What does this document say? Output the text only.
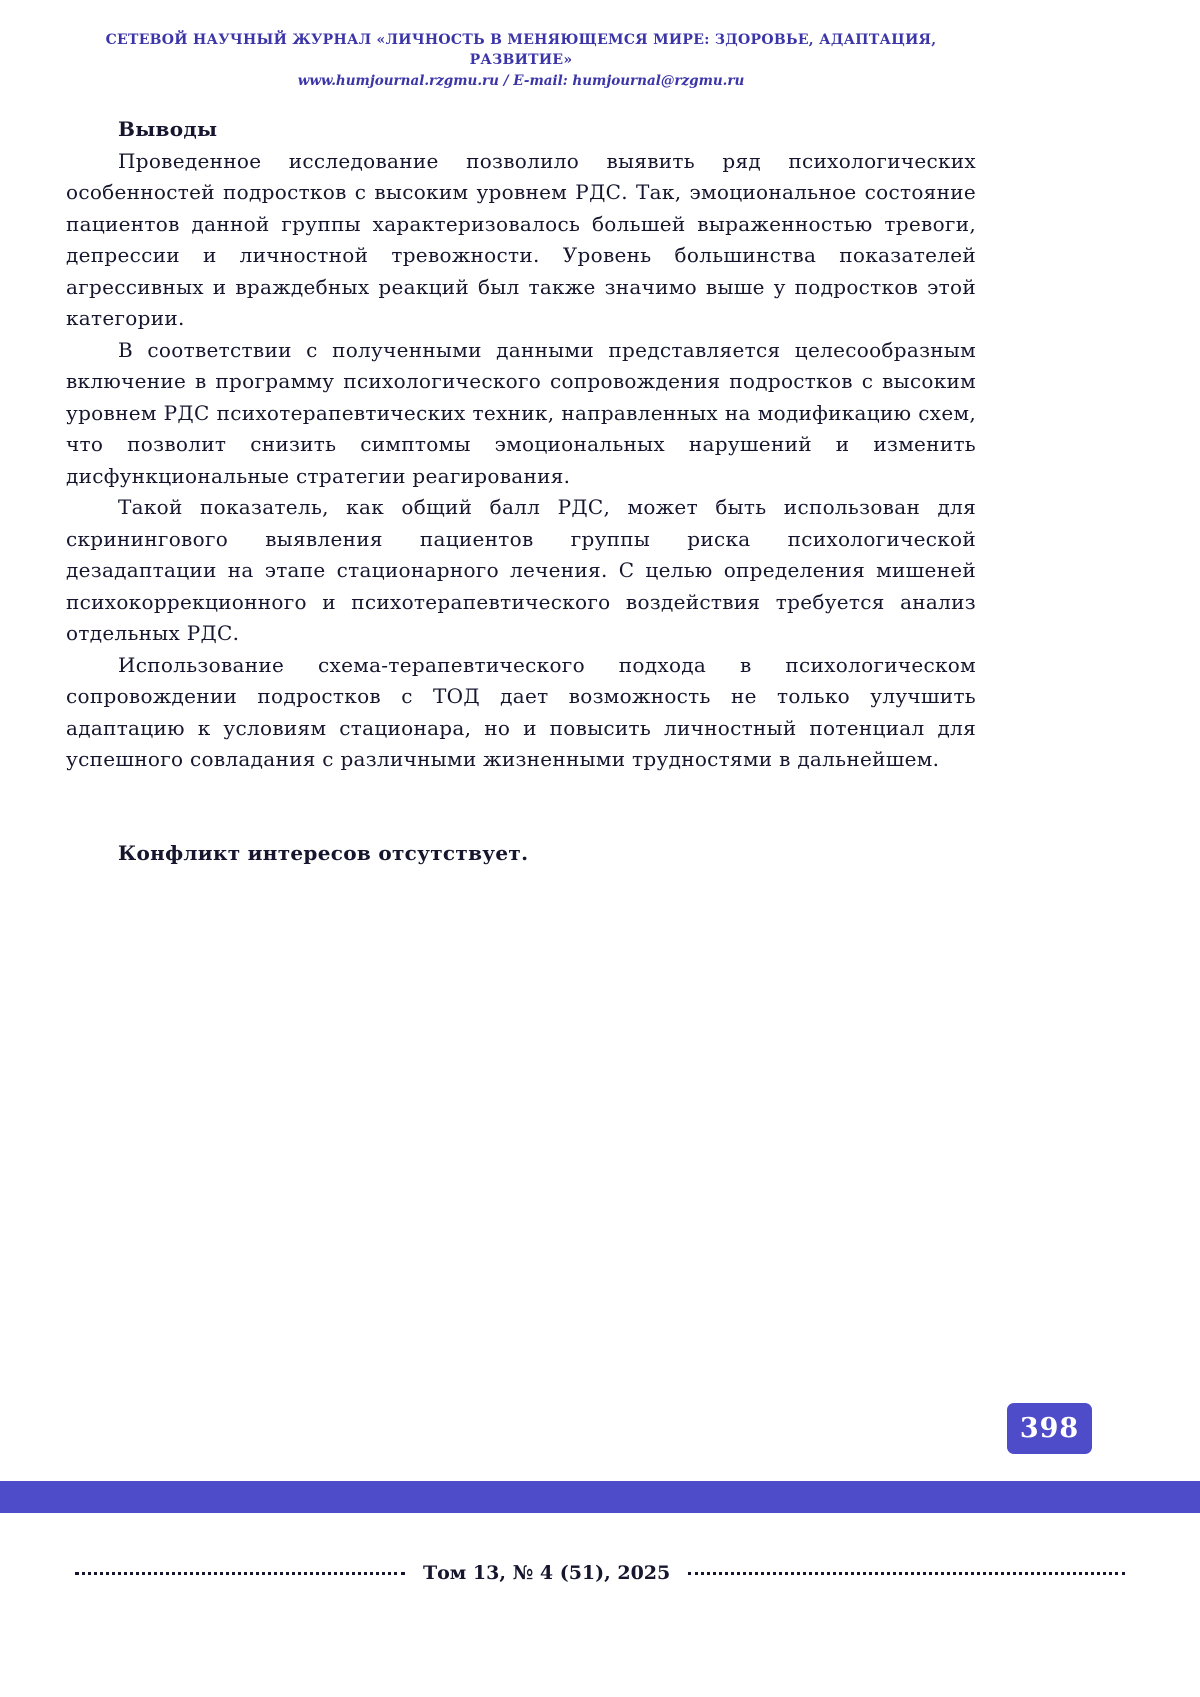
СЕТЕВОЙ НАУЧНЫЙ ЖУРНАЛ «ЛИЧНОСТЬ В МЕНЯЮЩЕМСЯ МИРЕ: ЗДОРОВЬЕ, АДАПТАЦИЯ, РАЗВИТИЕ»
www.humjournal.rzgmu.ru / E-mail: humjournal@rzgmu.ru
Выводы

Проведенное исследование позволило выявить ряд психологических особенностей подростков с высоким уровнем РДС. Так, эмоциональное состояние пациентов данной группы характеризовалось большей выраженностью тревоги, депрессии и личностной тревожности. Уровень большинства показателей агрессивных и враждебных реакций был также значимо выше у подростков этой категории.

В соответствии с полученными данными представляется целесообразным включение в программу психологического сопровождения подростков с высоким уровнем РДС психотерапевтических техник, направленных на модификацию схем, что позволит снизить симптомы эмоциональных нарушений и изменить дисфункциональные стратегии реагирования.

Такой показатель, как общий балл РДС, может быть использован для скринингового выявления пациентов группы риска психологической дезадаптации на этапе стационарного лечения. С целью определения мишеней психокоррекционного и психотерапевтического воздействия требуется анализ отдельных РДС.

Использование схема-терапевтического подхода в психологическом сопровождении подростков с ТОД дает возможность не только улучшить адаптацию к условиям стационара, но и повысить личностный потенциал для успешного совладания с различными жизненными трудностями в дальнейшем.

Конфликт интересов отсутствует.

398
Том 13, № 4 (51), 2025
